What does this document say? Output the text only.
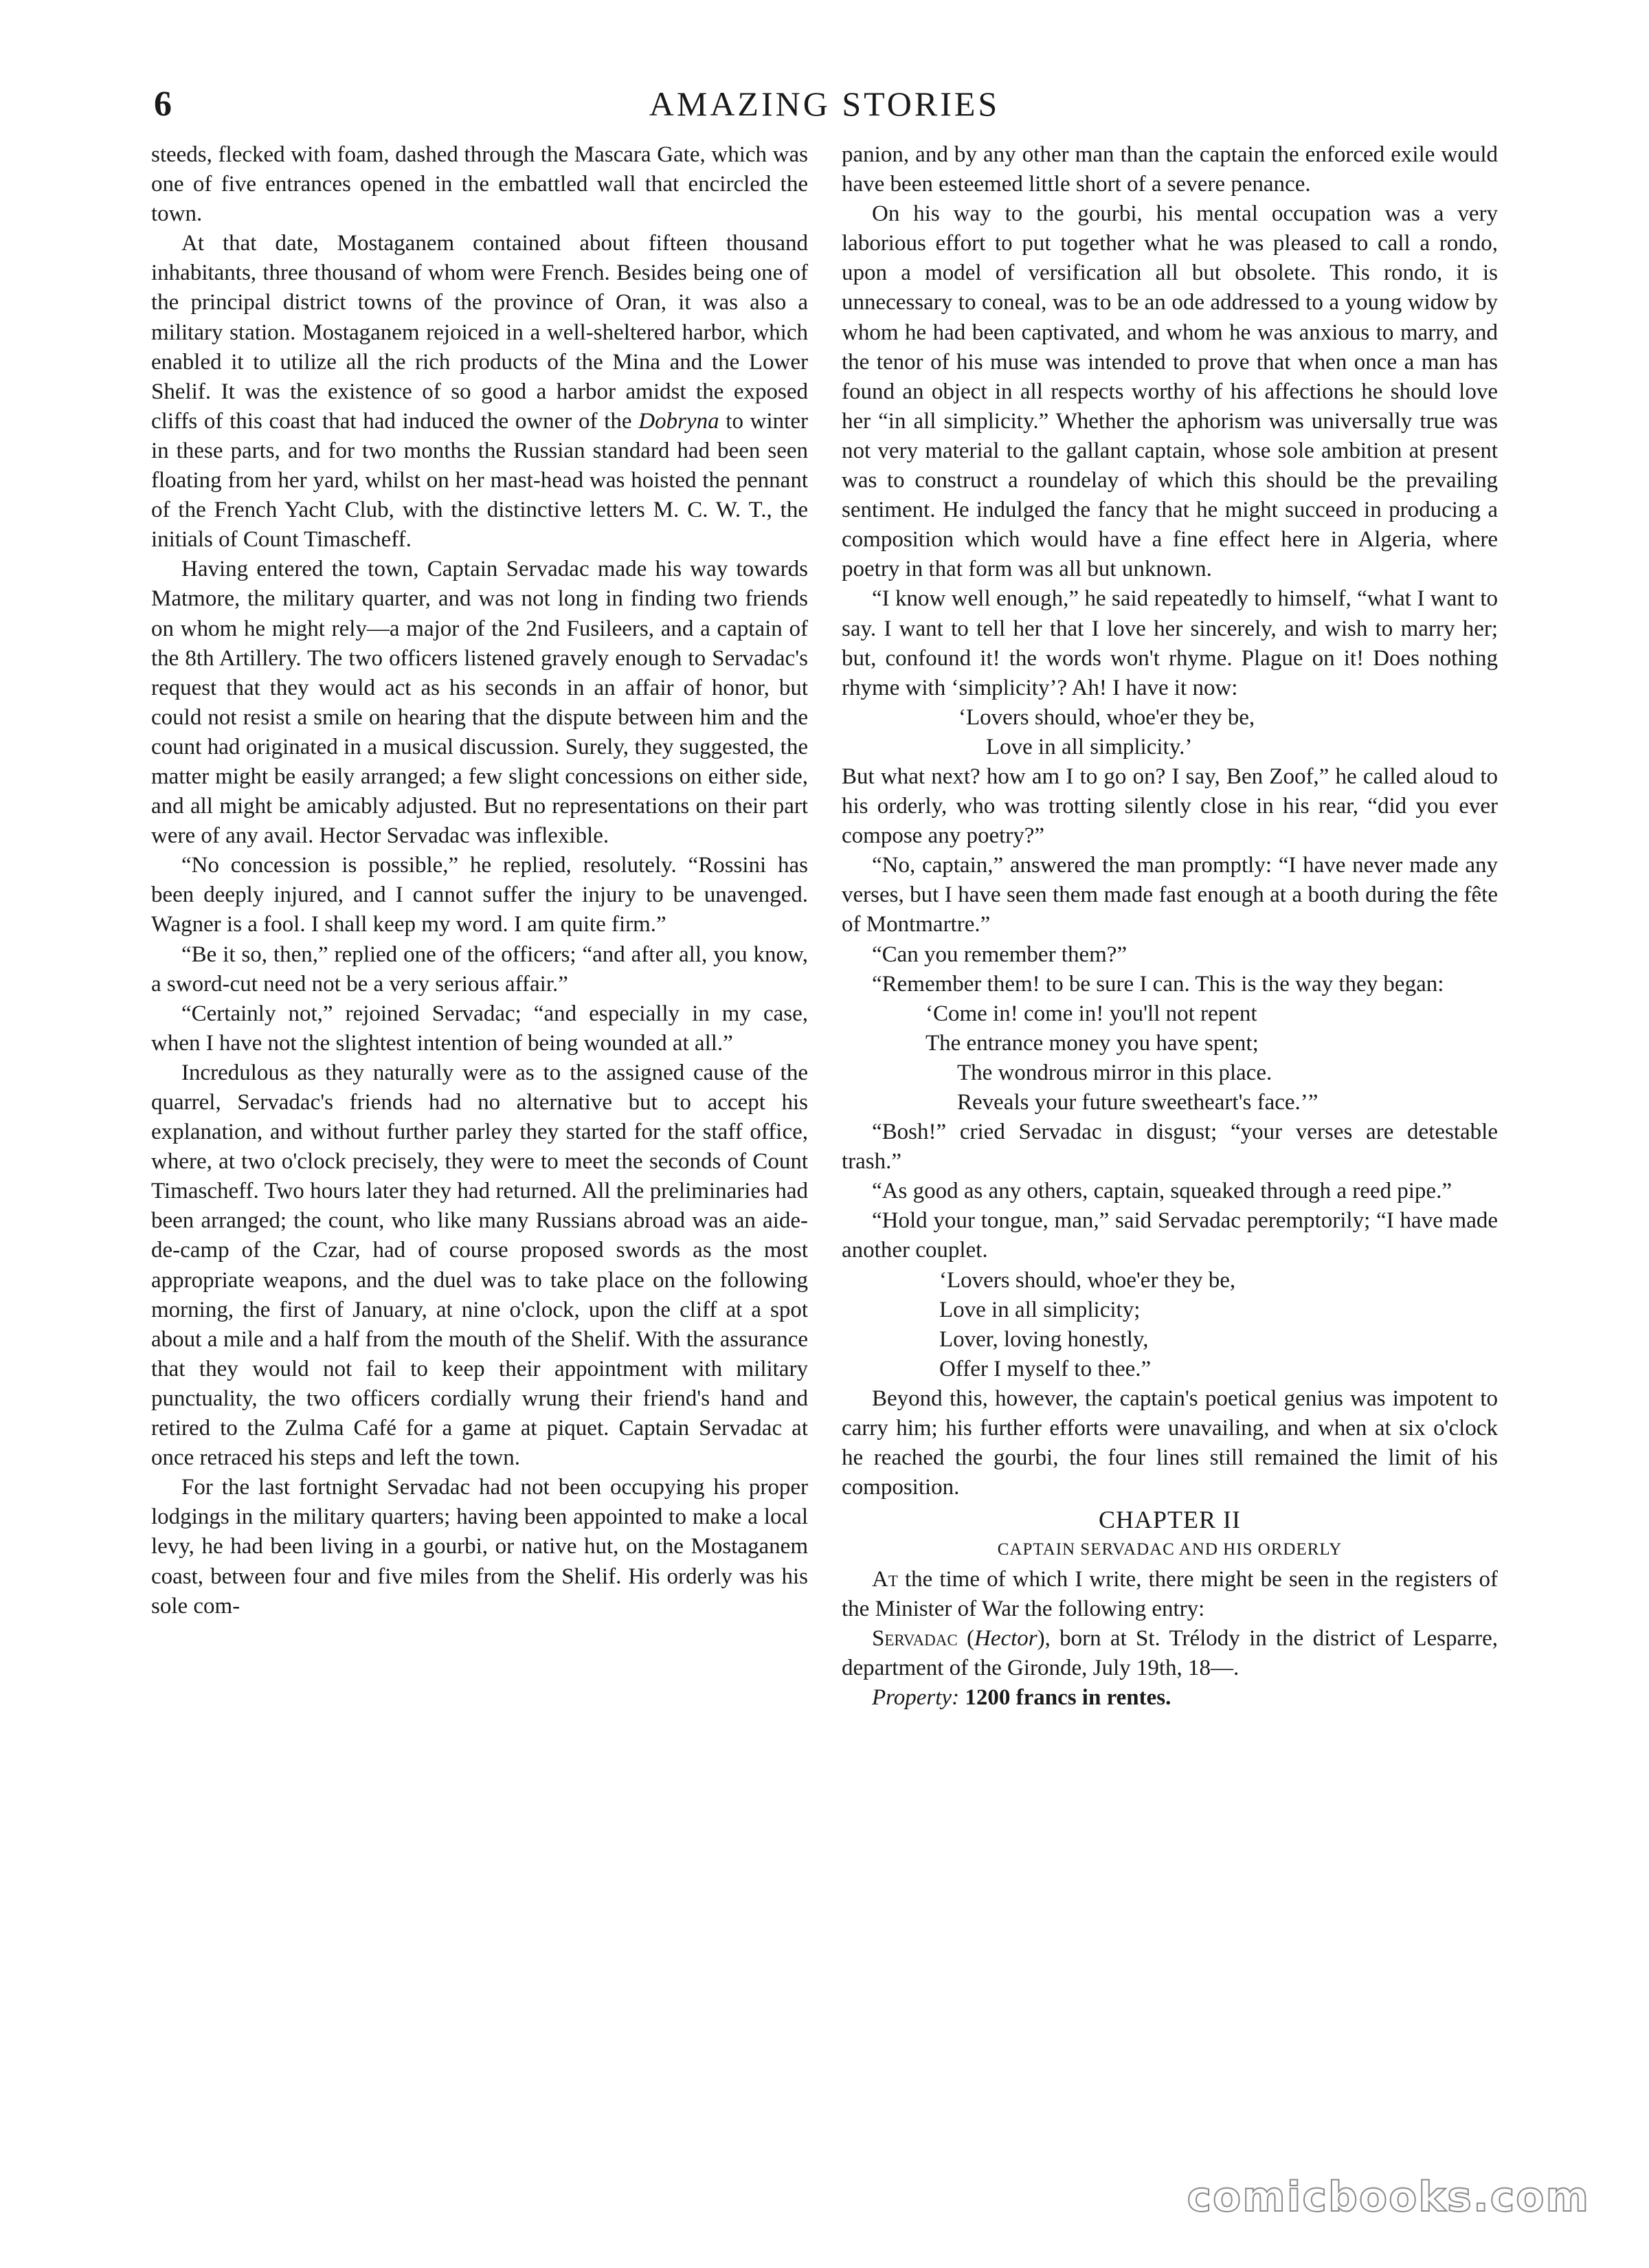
6	AMAZING STORIES

steeds, flecked with foam, dashed through the Mascara Gate, which was one of five entrances opened in the embattled wall that encircled the town.

At that date, Mostaganem contained about fifteen thousand inhabitants, three thousand of whom were French. Besides being one of the principal district towns of the province of Oran, it was also a military station. Mostaganem rejoiced in a well-sheltered harbor, which enabled it to utilize all the rich products of the Mina and the Lower Shelif. It was the existence of so good a harbor amidst the exposed cliffs of this coast that had induced the owner of the Dobryna to winter in these parts, and for two months the Russian standard had been seen floating from her yard, whilst on her mast-head was hoisted the pennant of the French Yacht Club, with the distinctive letters M. C. W. T., the initials of Count Timascheff.

Having entered the town, Captain Servadac made his way towards Matmore, the military quarter, and was not long in finding two friends on whom he might rely—a major of the 2nd Fusileers, and a captain of the 8th Artillery. The two officers listened gravely enough to Servadac's request that they would act as his seconds in an affair of honor, but could not resist a smile on hearing that the dispute between him and the count had originated in a musical discussion. Surely, they suggested, the matter might be easily arranged; a few slight concessions on either side, and all might be amicably adjusted. But no representations on their part were of any avail. Hector Servadac was inflexible.

“No concession is possible,” he replied, resolutely. “Rossini has been deeply injured, and I cannot suffer the injury to be unavenged. Wagner is a fool. I shall keep my word. I am quite firm.”

“Be it so, then,” replied one of the officers; “and after all, you know, a sword-cut need not be a very serious affair.”

“Certainly not,” rejoined Servadac; “and especially in my case, when I have not the slightest intention of being wounded at all.”

Incredulous as they naturally were as to the assigned cause of the quarrel, Servadac's friends had no alternative but to accept his explanation, and without further parley they started for the staff office, where, at two o'clock precisely, they were to meet the seconds of Count Timascheff. Two hours later they had returned. All the preliminaries had been arranged; the count, who like many Russians abroad was an aide-de-camp of the Czar, had of course proposed swords as the most appropriate weapons, and the duel was to take place on the following morning, the first of January, at nine o'clock, upon the cliff at a spot about a mile and a half from the mouth of the Shelif. With the assurance that they would not fail to keep their appointment with military punctuality, the two officers cordially wrung their friend's hand and retired to the Zulma Café for a game at piquet. Captain Servadac at once retraced his steps and left the town.

For the last fortnight Servadac had not been occupying his proper lodgings in the military quarters; having been appointed to make a local levy, he had been living in a gourbi, or native hut, on the Mostaganem coast, between four and five miles from the Shelif. His orderly was his sole com-

panion, and by any other man than the captain the enforced exile would have been esteemed little short of a severe penance.

On his way to the gourbi, his mental occupation was a very laborious effort to put together what he was pleased to call a rondo, upon a model of versification all but obsolete. This rondo, it is unnecessary to coneal, was to be an ode addressed to a young widow by whom he had been captivated, and whom he was anxious to marry, and the tenor of his muse was intended to prove that when once a man has found an object in all respects worthy of his affections he should love her “in all simplicity.” Whether the aphorism was universally true was not very material to the gallant captain, whose sole ambition at present was to construct a roundelay of which this should be the prevailing sentiment. He indulged the fancy that he might succeed in producing a composition which would have a fine effect here in Algeria, where poetry in that form was all but unknown.

“I know well enough,” he said repeatedly to himself, “what I want to say. I want to tell her that I love her sincerely, and wish to marry her; but, confound it! the words won't rhyme. Plague on it! Does nothing rhyme with ‘simplicity’? Ah! I have it now:

‘Lovers should, whoe'er they be,
Love in all simplicity.’

But what next? how am I to go on? I say, Ben Zoof,” he called aloud to his orderly, who was trotting silently close in his rear, “did you ever compose any poetry?”

“No, captain,” answered the man promptly: “I have never made any verses, but I have seen them made fast enough at a booth during the fête of Montmartre.”

“Can you remember them?”

“Remember them! to be sure I can. This is the way they began:

‘Come in! come in! you'll not repent
The entrance money you have spent;
The wondrous mirror in this place.
Reveals your future sweetheart's face.’”

“Bosh!” cried Servadac in disgust; “your verses are detestable trash.”

“As good as any others, captain, squeaked through a reed pipe.”

“Hold your tongue, man,” said Servadac peremptorily; “I have made another couplet.

‘Lovers should, whoe'er they be,
Love in all simplicity;
Lover, loving honestly,
Offer I myself to thee.”

Beyond this, however, the captain's poetical genius was impotent to carry him; his further efforts were unavailing, and when at six o'clock he reached the gourbi, the four lines still remained the limit of his composition.

CHAPTER II
CAPTAIN SERVADAC AND HIS ORDERLY

At the time of which I write, there might be seen in the registers of the Minister of War the following entry:

Servadac (Hector), born at St. Trélody in the district of Lesparre, department of the Gironde, July 19th, 18—.

Property: 1200 francs in rentes.

comicbooks.com
